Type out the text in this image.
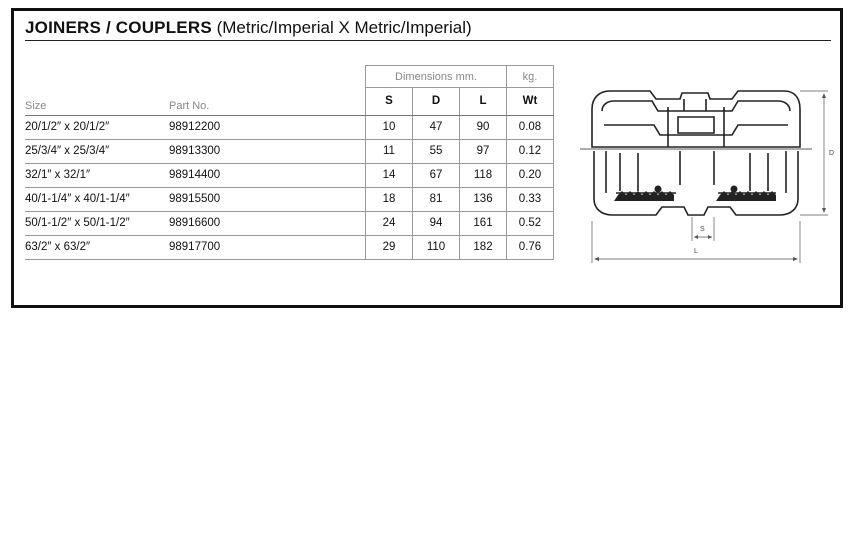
JOINERS / COUPLERS (Metric/Imperial X Metric/Imperial)
		Dimensions mm.			kg.
Size	Part No.	S	D	L	Wt
20/1/2″ x 20/1/2″	98912200	10	47	90	0.08
25/3/4″ x 25/3/4″	98913300	11	55	97	0.12
32/1″ x 32/1″	98914400	14	67	118	0.20
40/1-1/4″ x 40/1-1/4″	98915500	18	81	136	0.33
50/1-1/2″ x 50/1-1/2″	98916600	24	94	161	0.52
63/2″ x 63/2″	98917700	29	110	182	0.76
D
S
L
